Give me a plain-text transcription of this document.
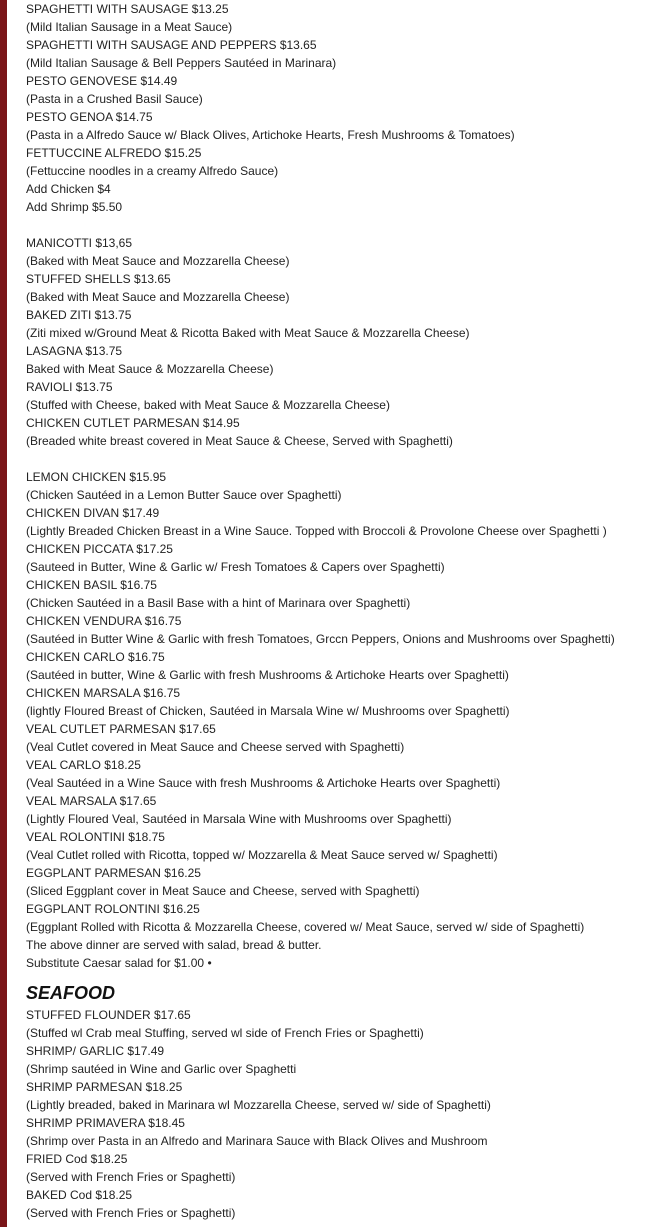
SPAGHETTI WITH SAUSAGE $13.25
(Mild Italian Sausage in a Meat Sauce)
SPAGHETTI WITH SAUSAGE AND PEPPERS $13.65
(Mild Italian Sausage & Bell Peppers Sautéed in Marinara)
PESTO GENOVESE $14.49
(Pasta in a Crushed Basil Sauce)
PESTO GENOA $14.75
(Pasta in a Alfredo Sauce w/ Black Olives, Artichoke Hearts, Fresh Mushrooms & Tomatoes)
FETTUCCINE ALFREDO $15.25
(Fettuccine noodles in a creamy Alfredo Sauce)
Add Chicken $4
Add Shrimp $5.50
MANICOTTI $13,65
(Baked with Meat Sauce and Mozzarella Cheese)
STUFFED SHELLS $13.65
(Baked with Meat Sauce and Mozzarella Cheese)
BAKED ZITI $13.75
(Ziti mixed w/Ground Meat & Ricotta Baked with Meat Sauce & Mozzarella Cheese)
LASAGNA $13.75
Baked with Meat Sauce & Mozzarella Cheese)
RAVIOLI $13.75
(Stuffed with Cheese, baked with Meat Sauce & Mozzarella Cheese)
CHICKEN CUTLET PARMESAN $14.95
(Breaded white breast covered in Meat Sauce & Cheese, Served with Spaghetti)
LEMON CHICKEN $15.95
(Chicken Sautéed in a Lemon Butter Sauce over Spaghetti)
CHICKEN DIVAN $17.49
(Lightly Breaded Chicken Breast in a Wine Sauce. Topped with Broccoli & Provolone Cheese over Spaghetti )
CHICKEN PICCATA $17.25
(Sauteed in Butter, Wine & Garlic w/ Fresh Tomatoes & Capers over Spaghetti)
CHICKEN BASIL $16.75
(Chicken Sautéed in a Basil Base with a hint of Marinara over Spaghetti)
CHICKEN VENDURA $16.75
(Sautéed in Butter Wine & Garlic with fresh Tomatoes, Grccn Peppers, Onions and Mushrooms over Spaghetti)
CHICKEN CARLO $16.75
(Sautéed in butter, Wine & Garlic with fresh Mushrooms & Artichoke Hearts over Spaghetti)
CHICKEN MARSALA $16.75
(lightly Floured Breast of Chicken, Sautéed in Marsala Wine w/ Mushrooms over Spaghetti)
VEAL CUTLET PARMESAN $17.65
(Veal Cutlet covered in Meat Sauce and Cheese served with Spaghetti)
VEAL CARLO $18.25
(Veal Sautéed in a Wine Sauce with fresh Mushrooms & Artichoke Hearts over Spaghetti)
VEAL MARSALA $17.65
(Lightly Floured Veal, Sautéed in Marsala Wine with Mushrooms over Spaghetti)
VEAL ROLONTINI $18.75
(Veal Cutlet rolled with Ricotta, topped w/ Mozzarella & Meat Sauce served w/ Spaghetti)
EGGPLANT PARMESAN $16.25
(Sliced Eggplant cover in Meat Sauce and Cheese, served with Spaghetti)
EGGPLANT ROLONTINI $16.25
(Eggplant Rolled with Ricotta & Mozzarella Cheese, covered w/ Meat Sauce, served w/ side of Spaghetti)
The above dinner are served with salad, bread & butter.
Substitute Caesar salad for $1.00 •
SEAFOOD
STUFFED FLOUNDER $17.65
(Stuffed wl Crab meal Stuffing, served wl side of French Fries or Spaghetti)
SHRIMP/ GARLIC $17.49
(Shrimp sautéed in Wine and Garlic over Spaghetti
SHRIMP PARMESAN $18.25
(Lightly breaded, baked in Marinara wI Mozzarella Cheese, served w/ side of Spaghetti)
SHRIMP PRIMAVERA $18.45
(Shrimp over Pasta in an Alfredo and Marinara Sauce with Black Olives and Mushroom
FRIED Cod $18.25
(Served with French Fries or Spaghetti)
BAKED Cod $18.25
(Served with French Fries or Spaghetti)
